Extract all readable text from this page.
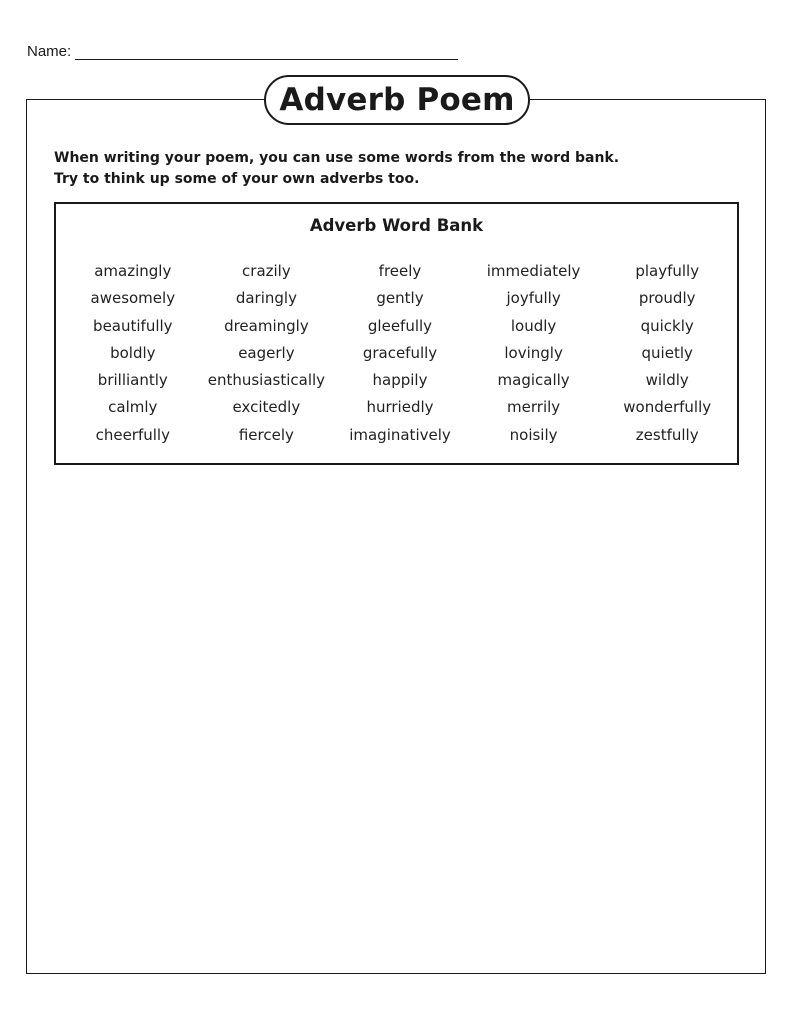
Name:
Adverb Poem
When writing your poem, you can use some words from the word bank.
Try to think up some of your own adverbs too.
Adverb Word Bank
amazingly	crazily	freely	immediately	playfully
awesomely	daringly	gently	joyfully	proudly
beautifully	dreamingly	gleefully	loudly	quickly
boldly	eagerly	gracefully	lovingly	quietly
brilliantly	enthusiastically	happily	magically	wildly
calmly	excitedly	hurriedly	merrily	wonderfully
cheerfully	fiercely	imaginatively	noisily	zestfully
